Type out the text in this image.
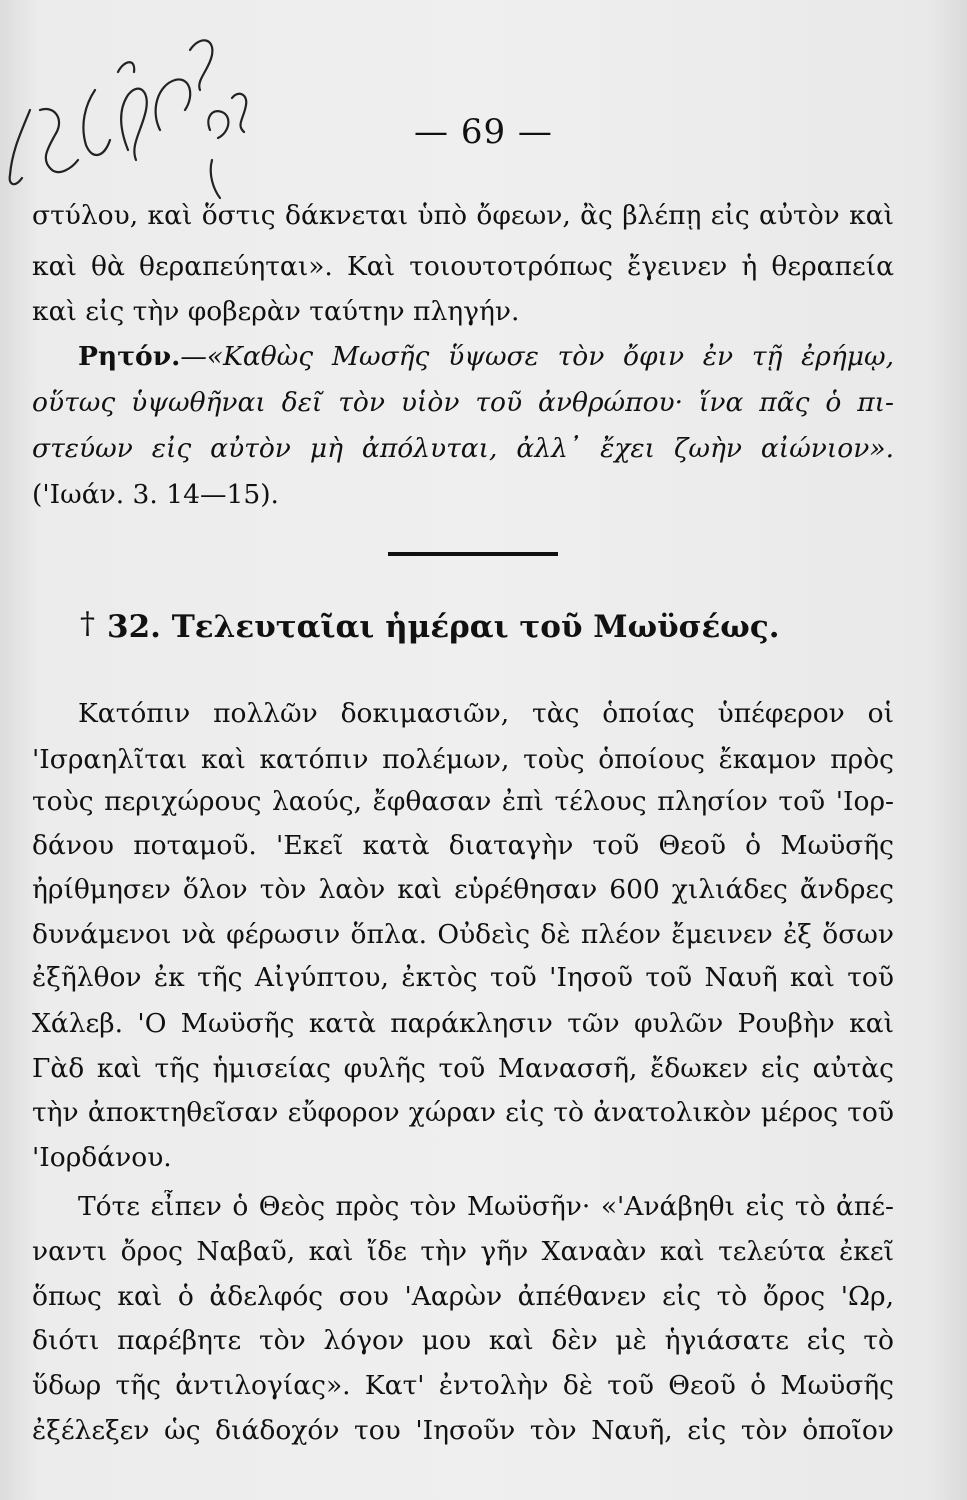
— 69 —
στύλου, καὶ ὅστις δάκνεται ὑπὸ ὄφεων, ἂς βλέπῃ εἰς αὐτὸν καὶ
καὶ θὰ θεραπεύηται». Καὶ τοιουτοτρόπως ἔγεινεν ἡ θεραπεία
καὶ εἰς τὴν φοβερὰν ταύτην πληγήν.
Ρητόν.—«Καθὼς Μωσῆς ὕψωσε τὸν ὄφιν ἐν τῇ ἐρήμῳ,
οὕτως ὑψωθῆναι δεῖ τὸν υἱὸν τοῦ ἀνθρώπου· ἵνα πᾶς ὁ πι-
στεύων εἰς αὐτὸν μὴ ἀπόλυται, ἀλλ᾽ ἔχει ζωὴν αἰώνιον».
('Ιωάν. 3. 14—15).
† 32. Τελευταῖαι ἡμέραι τοῦ Μωϋσέως.
Κατόπιν πολλῶν δοκιμασιῶν, τὰς ὁποίας ὑπέφερον οἱ
'Ισραηλῖται καὶ κατόπιν πολέμων, τοὺς ὁποίους ἔκαμον πρὸς
τοὺς περιχώρους λαούς, ἔφθασαν ἐπὶ τέλους πλησίον τοῦ 'Ιορ-
δάνου ποταμοῦ. 'Εκεῖ κατὰ διαταγὴν τοῦ Θεοῦ ὁ Μωϋσῆς
ἠρίθμησεν ὅλον τὸν λαὸν καὶ εὑρέθησαν 600 χιλιάδες ἄνδρες
δυνάμενοι νὰ φέρωσιν ὅπλα. Οὐδεὶς δὲ πλέον ἔμεινεν ἐξ ὅσων
ἐξῆλθον ἐκ τῆς Αἰγύπτου, ἐκτὸς τοῦ 'Ιησοῦ τοῦ Ναυῆ καὶ τοῦ
Χάλεβ. 'Ο Μωϋσῆς κατὰ παράκλησιν τῶν φυλῶν Ρουβὴν καὶ
Γὰδ καὶ τῆς ἡμισείας φυλῆς τοῦ Μανασσῆ, ἔδωκεν εἰς αὐτὰς
τὴν ἀποκτηθεῖσαν εὔφορον χώραν εἰς τὸ ἀνατολικὸν μέρος τοῦ
'Ιορδάνου.
Τότε εἶπεν ὁ Θεὸς πρὸς τὸν Μωϋσῆν· «'Ανάβηθι εἰς τὸ ἀπέ-
ναντι ὄρος Ναβαῦ, καὶ ἴδε τὴν γῆν Χαναὰν καὶ τελεύτα ἐκεῖ
ὅπως καὶ ὁ ἀδελφός σου 'Ααρὼν ἀπέθανεν εἰς τὸ ὄρος 'Ωρ,
διότι παρέβητε τὸν λόγον μου καὶ δὲν μὲ ἡγιάσατε εἰς τὸ
ὕδωρ τῆς ἀντιλογίας». Κατ' ἐντολὴν δὲ τοῦ Θεοῦ ὁ Μωϋσῆς
ἐξέλεξεν ὡς διάδοχόν του 'Ιησοῦν τὸν Ναυῆ, εἰς τὸν ὁποῖον
